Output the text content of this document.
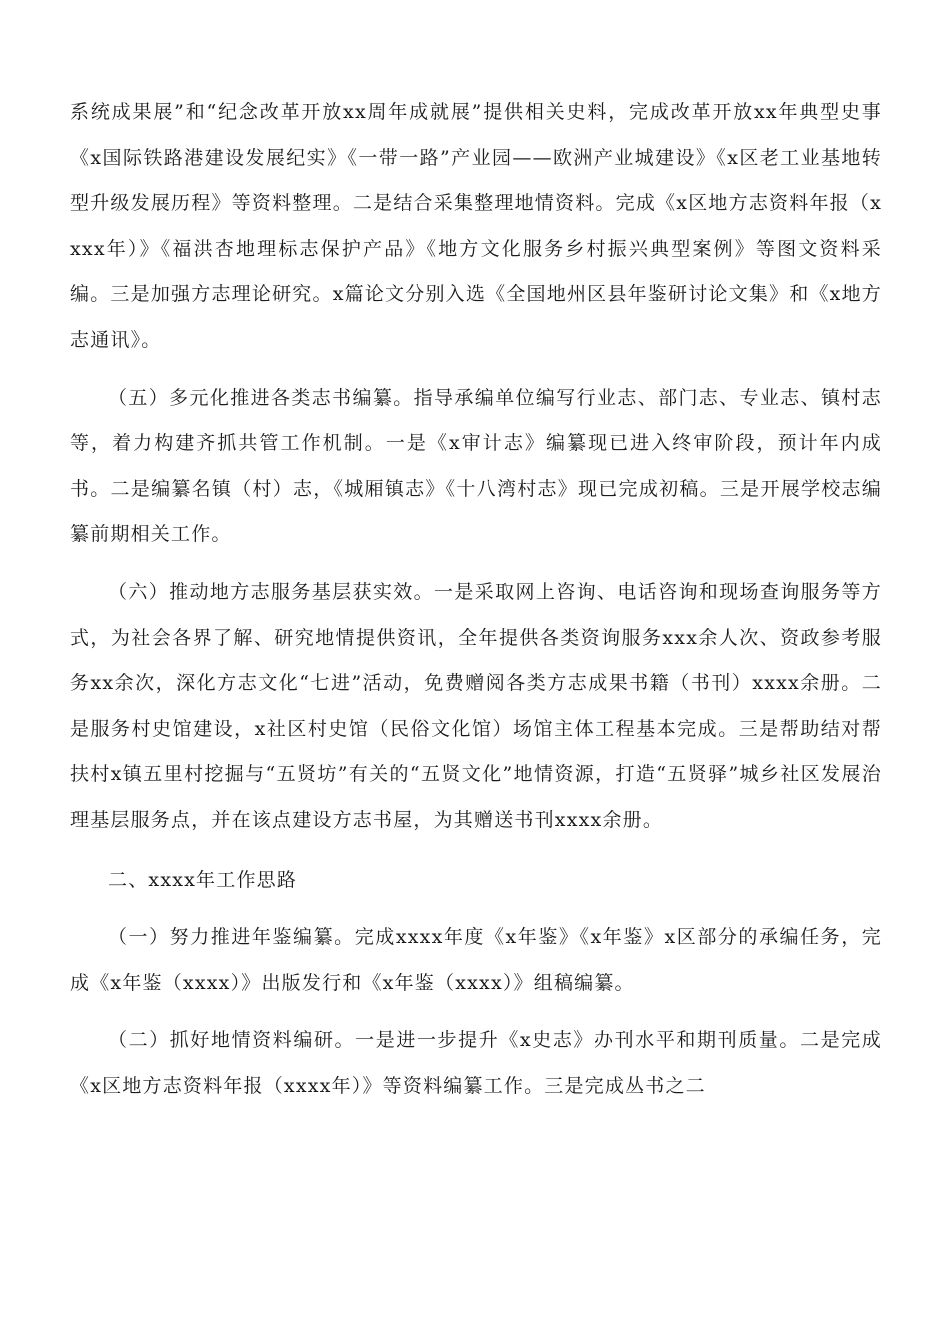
系统成果展”和“纪念改革开放xx周年成就展”提供相关史料，完成改革开放xx年典型史事《x国际铁路港建设发展纪实》《一带一路”产业园——欧洲产业城建设》《x区老工业基地转型升级发展历程》等资料整理。二是结合采集整理地情资料。完成《x区地方志资料年报（xxxx年）》《福洪杏地理标志保护产品》《地方文化服务乡村振兴典型案例》等图文资料采编。三是加强方志理论研究。x篇论文分别入选《全国地州区县年鉴研讨论文集》和《x地方志通讯》。

（五）多元化推进各类志书编纂。指导承编单位编写行业志、部门志、专业志、镇村志等，着力构建齐抓共管工作机制。一是《x审计志》编纂现已进入终审阶段，预计年内成书。二是编纂名镇（村）志，《城厢镇志》《十八湾村志》现已完成初稿。三是开展学校志编纂前期相关工作。

（六）推动地方志服务基层获实效。一是采取网上咨询、电话咨询和现场查询服务等方式，为社会各界了解、研究地情提供资讯，全年提供各类资询服务xxx余人次、资政参考服务xx余次，深化方志文化“七进”活动，免费赠阅各类方志成果书籍（书刊）xxxx余册。二是服务村史馆建设，x社区村史馆（民俗文化馆）场馆主体工程基本完成。三是帮助结对帮扶村x镇五里村挖掘与“五贤坊”有关的“五贤文化”地情资源，打造“五贤驿”城乡社区发展治理基层服务点，并在该点建设方志书屋，为其赠送书刊xxxx余册。

二、xxxx年工作思路

（一）努力推进年鉴编纂。完成xxxx年度《x年鉴》《x年鉴》x区部分的承编任务，完成《x年鉴（xxxx）》出版发行和《x年鉴（xxxx）》组稿编纂。

（二）抓好地情资料编研。一是进一步提升《x史志》办刊水平和期刊质量。二是完成《x区地方志资料年报（xxxx年）》等资料编纂工作。三是完成丛书之二
